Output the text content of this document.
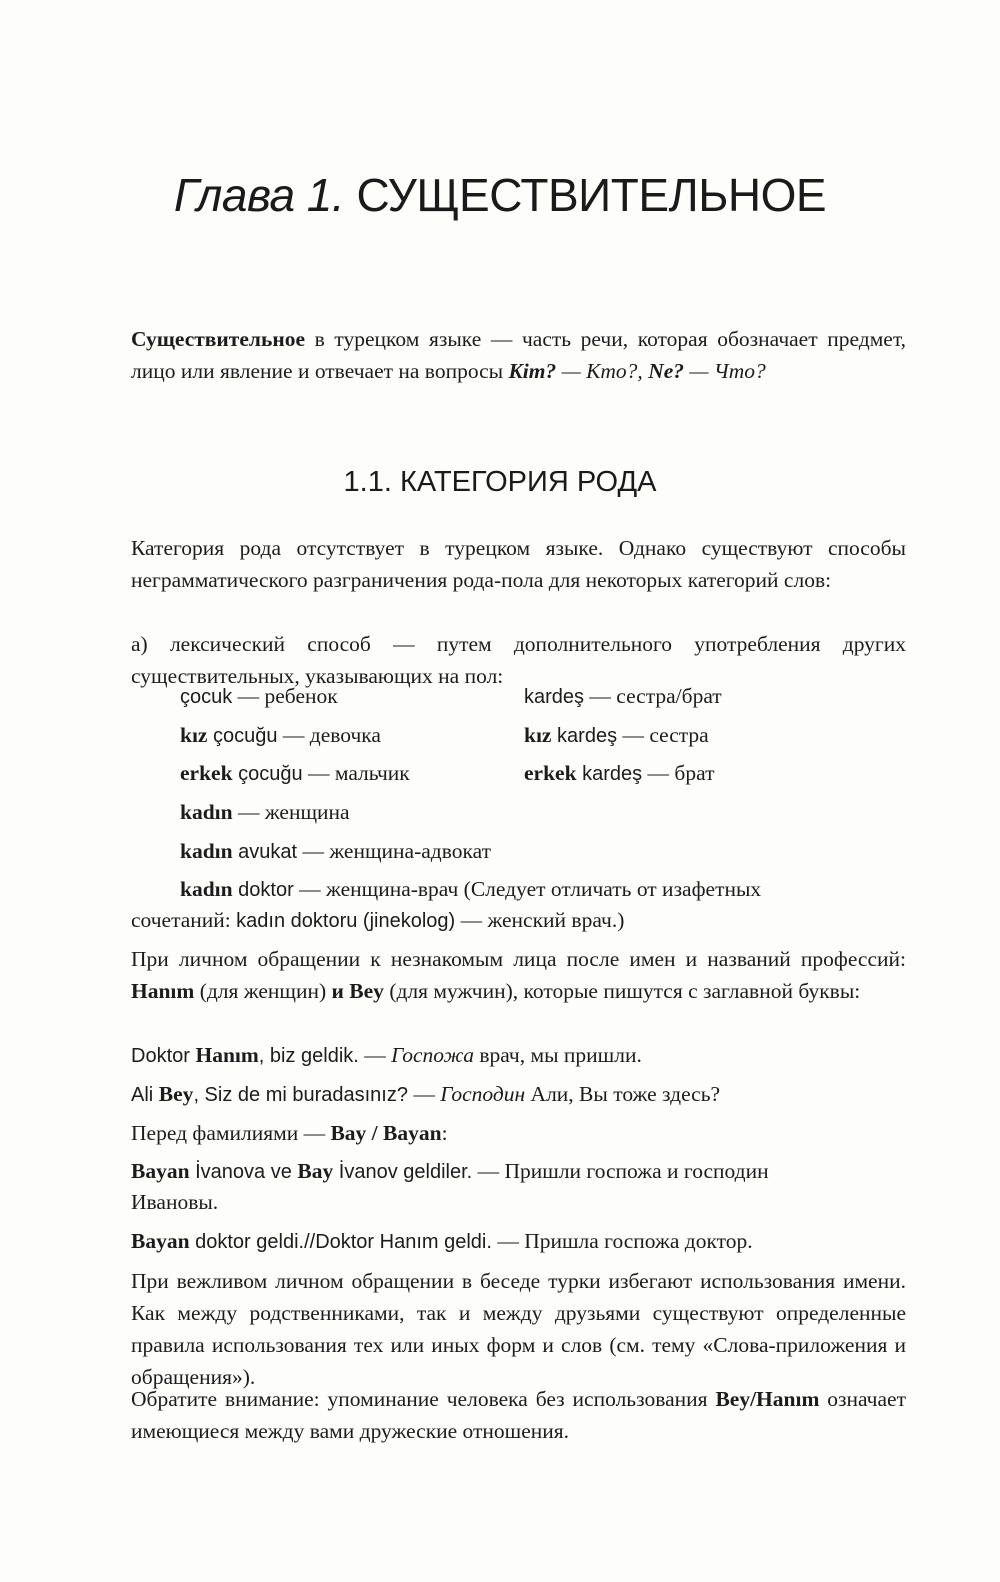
Глава 1. СУЩЕСТВИТЕЛЬНОЕ

Существительное в турецком языке — часть речи, которая обозначает предмет, лицо или явление и отвечает на вопросы Kim? — Кто?, Ne? — Что?

1.1. КАТЕГОРИЯ РОДА

Категория рода отсутствует в турецком языке. Однако существуют способы неграмматического разграничения рода-пола для некоторых категорий слов:

а) лексический способ — путем дополнительного употребления других существительных, указывающих на пол:

çocuk — ребенок	kardeş — сестра/брат

kız çocuğu — девочка	kız kardeş — сестра

erkek çocuğu — мальчик	erkek kardeş — брат

kadın — женщина

kadın avukat — женщина-адвокат

kadın doktor — женщина-врач (Следует отличать от изафетных

сочетаний: kadın doktoru (jinekolog) — женский врач.)

При личном обращении к незнакомым лица после имен и названий профессий: Hanım (для женщин) и Bey (для мужчин), которые пишутся с заглавной буквы:

Doktor Hanım, biz geldik. — Госпожа врач, мы пришли.

Ali Bey, Siz de mi buradasınız? — Господин Али, Вы тоже здесь?

Перед фамилиями — Bay / Bayan:

Bayan İvanova ve Bay İvanov geldiler. — Пришли госпожа и господин

Ивановы.

Bayan doktor geldi.//Doktor Hanım geldi. — Пришла госпожа доктор.

При вежливом личном обращении в беседе турки избегают использования имени. Как между родственниками, так и между друзьями существуют определенные правила использования тех или иных форм и слов (см. тему «Слова-приложения и обращения»).

Обратите внимание: упоминание человека без использования Bey/Hanım означает имеющиеся между вами дружеские отношения.
